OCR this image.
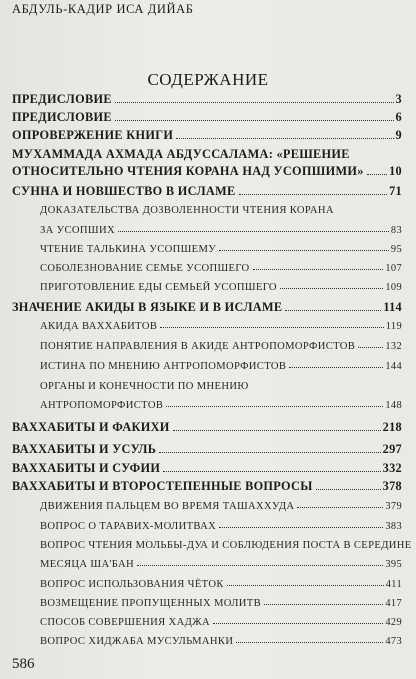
АБДУЛЬ-КАДИР ИСА ДИЙАБ
СОДЕРЖАНИЕ
ПРЕДИСЛОВИЕ	3
ПРЕДИСЛОВИЕ	6
ОПРОВЕРЖЕНИЕ КНИГИ	9
МУХАММАДА АХМАДА АБДУССАЛАМА: «РЕШЕНИЕ
ОТНОСИТЕЛЬНО ЧТЕНИЯ КОРАНА НАД УСОПШИМИ» 10
СУННА И НОВШЕСТВО В ИСЛАМЕ	71
ДОКАЗАТЕЛЬСТВА ДОЗВОЛЕННОСТИ ЧТЕНИЯ КОРАНА
ЗА УСОПШИХ	83
ЧТЕНИЕ ТАЛЬКИНА УСОПШЕМУ	95
СОБОЛЕЗНОВАНИЕ СЕМЬЕ УСОПШЕГО	107
ПРИГОТОВЛЕНИЕ ЕДЫ СЕМЬЕЙ УСОПШЕГО	109
ЗНАЧЕНИЕ АКИДЫ В ЯЗЫКЕ И В ИСЛАМЕ	114
АКИДА ВАХХАБИТОВ	119
ПОНЯТИЕ НАПРАВЛЕНИЯ В АКИДЕ АНТРОПОМОРФИСТОВ	132
ИСТИНА ПО МНЕНИЮ АНТРОПОМОРФИСТОВ	144
ОРГАНЫ И КОНЕЧНОСТИ ПО МНЕНИЮ
АНТРОПОМОРФИСТОВ	148
ВАХХАБИТЫ И ФАКИХИ	218
ВАХХАБИТЫ И УСУЛЬ	297
ВАХХАБИТЫ И СУФИИ	332
ВАХХАБИТЫ И ВТОРОСТЕПЕННЫЕ ВОПРОСЫ	378
ДВИЖЕНИЯ ПАЛЬЦЕМ ВО ВРЕМЯ ТАШАХХУДА	379
ВОПРОС О ТАРАВИХ-МОЛИТВАХ	383
ВОПРОС ЧТЕНИЯ МОЛЬБЫ-ДУА И СОБЛЮДЕНИЯ ПОСТА В СЕРЕДИНЕ
МЕСЯЦА ША'БАН	395
ВОПРОС ИСПОЛЬЗОВАНИЯ ЧЁТОК	411
ВОЗМЕЩЕНИЕ ПРОПУЩЕННЫХ МОЛИТВ	417
СПОСОБ СОВЕРШЕНИЯ ХАДЖА	429
ВОПРОС ХИДЖАБА МУСУЛЬМАНКИ	473
586
